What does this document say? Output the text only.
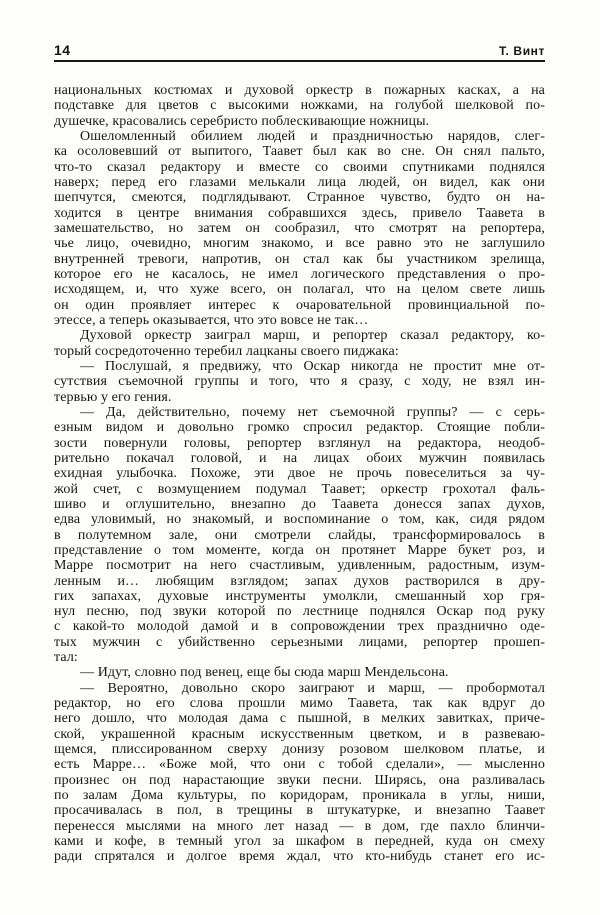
14	Т. Винт
национальных костюмах и духовой оркестр в пожарных касках, а на
подставке для цветов с высокими ножками, на голубой шелковой по-
душечке, красовались серебристо поблескивающие ножницы.
Ошеломленный обилием людей и праздничностью нарядов, слег-
ка осоловевший от выпитого, Таавет был как во сне. Он снял пальто,
что-то сказал редактору и вместе со своими спутниками поднялся
наверх; перед его глазами мелькали лица людей, он видел, как они
шепчутся, смеются, подглядывают. Странное чувство, будто он на-
ходится в центре внимания собравшихся здесь, привело Таавета в
замешательство, но затем он сообразил, что смотрят на репортера,
чье лицо, очевидно, многим знакомо, и все равно это не заглушило
внутренней тревоги, напротив, он стал как бы участником зрелища,
которое его не касалось, не имел логического представления о про-
исходящем, и, что хуже всего, он полагал, что на целом свете лишь
он один проявляет интерес к очаровательной провинциальной по-
этессе, а теперь оказывается, что это вовсе не так…
Духовой оркестр заиграл марш, и репортер сказал редактору, ко-
торый сосредоточенно теребил лацканы своего пиджака:
— Послушай, я предвижу, что Оскар никогда не простит мне от-
сутствия съемочной группы и того, что я сразу, с ходу, не взял ин-
тервью у его гения.
— Да, действительно, почему нет съемочной группы? — с серь-
езным видом и довольно громко спросил редактор. Стоящие побли-
зости повернули головы, репортер взглянул на редактора, неодоб-
рительно покачал головой, и на лицах обоих мужчин появилась
ехидная улыбочка. Похоже, эти двое не прочь повеселиться за чу-
жой счет, с возмущением подумал Таавет; оркестр грохотал фаль-
шиво и оглушительно, внезапно до Таавета донесся запах духов,
едва уловимый, но знакомый, и воспоминание о том, как, сидя рядом
в полутемном зале, они смотрели слайды, трансформировалось в
представление о том моменте, когда он протянет Марре букет роз, и
Марре посмотрит на него счастливым, удивленным, радостным, изум-
ленным и… любящим взглядом; запах духов растворился в дру-
гих запахах, духовые инструменты умолкли, смешанный хор гря-
нул песню, под звуки которой по лестнице поднялся Оскар под руку
с какой-то молодой дамой и в сопровождении трех празднично оде-
тых мужчин с убийственно серьезными лицами, репортер прошеп-
тал:
— Идут, словно под венец, еще бы сюда марш Мендельсона.
— Вероятно, довольно скоро заиграют и марш, — пробормотал
редактор, но его слова прошли мимо Таавета, так как вдруг до
него дошло, что молодая дама с пышной, в мелких завитках, приче-
ской, украшенной красным искусственным цветком, и в развеваю-
щемся, плиссированном сверху донизу розовом шелковом платье, и
есть Марре… «Боже мой, что они с тобой сделали», — мысленно
произнес он под нарастающие звуки песни. Ширясь, она разливалась
по залам Дома культуры, по коридорам, проникала в углы, ниши,
просачивалась в пол, в трещины в штукатурке, и внезапно Таавет
перенесся мыслями на много лет назад — в дом, где пахло блинчи-
ками и кофе, в темный угол за шкафом в передней, куда он смеху
ради спрятался и долгое время ждал, что кто-нибудь станет его ис-
